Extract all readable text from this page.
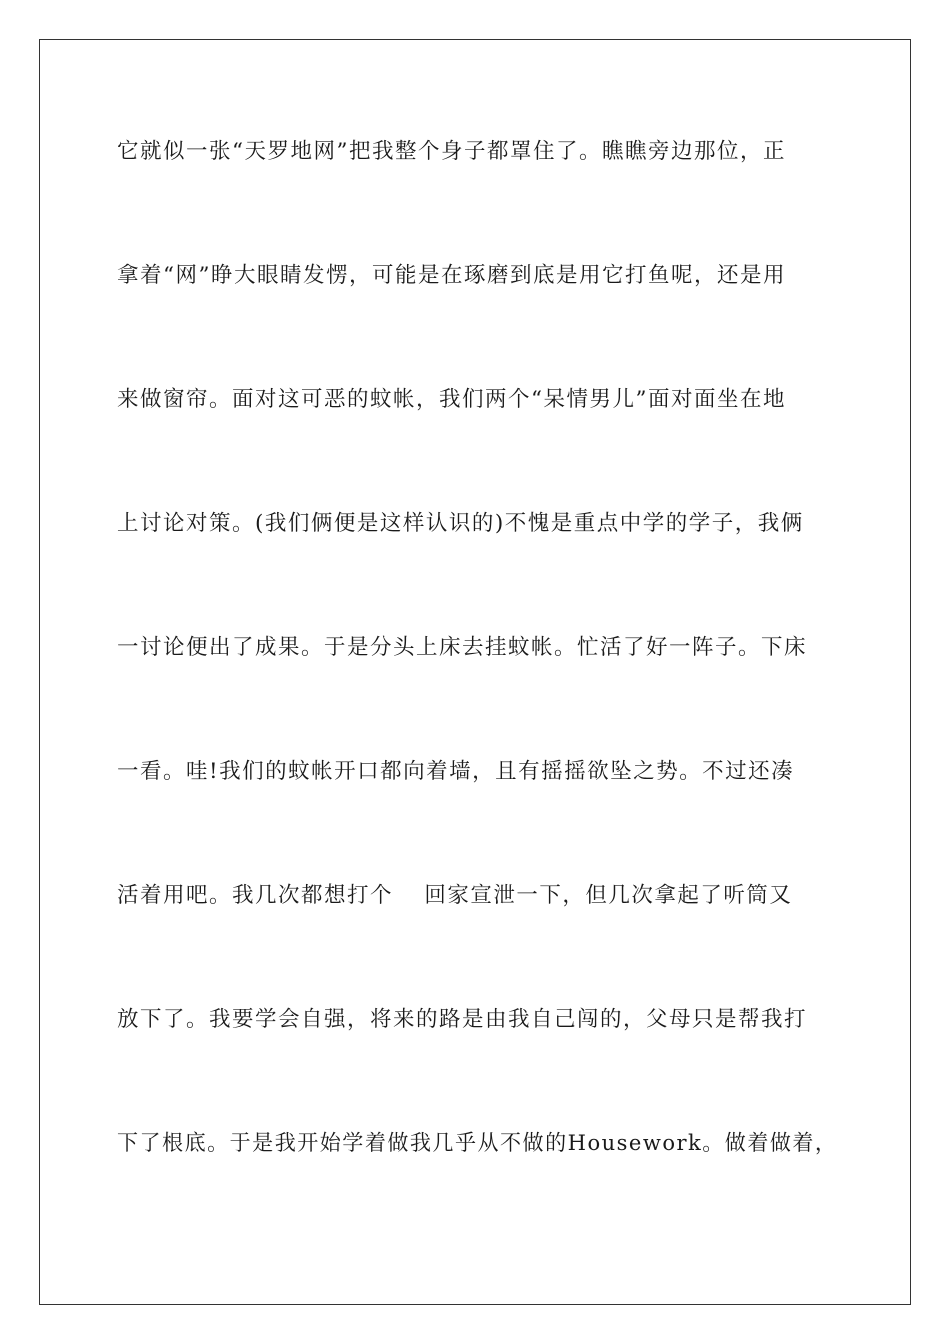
它就似一张“天罗地网”把我整个身子都罩住了。瞧瞧旁边那位，正
拿着“网”睁大眼睛发愣，可能是在琢磨到底是用它打鱼呢，还是用
来做窗帘。面对这可恶的蚊帐，我们两个“呆情男儿”面对面坐在地
上讨论对策。(我们俩便是这样认识的)不愧是重点中学的学子，我俩
一讨论便出了成果。于是分头上床去挂蚊帐。忙活了好一阵子。下床
一看。哇!我们的蚊帐开口都向着墙，且有摇摇欲坠之势。不过还凑
活着用吧。我几次都想打个　 回家宣泄一下，但几次拿起了听筒又
放下了。我要学会自强，将来的路是由我自己闯的，父母只是帮我打
下了根底。于是我开始学着做我几乎从不做的Housework。做着做着，
